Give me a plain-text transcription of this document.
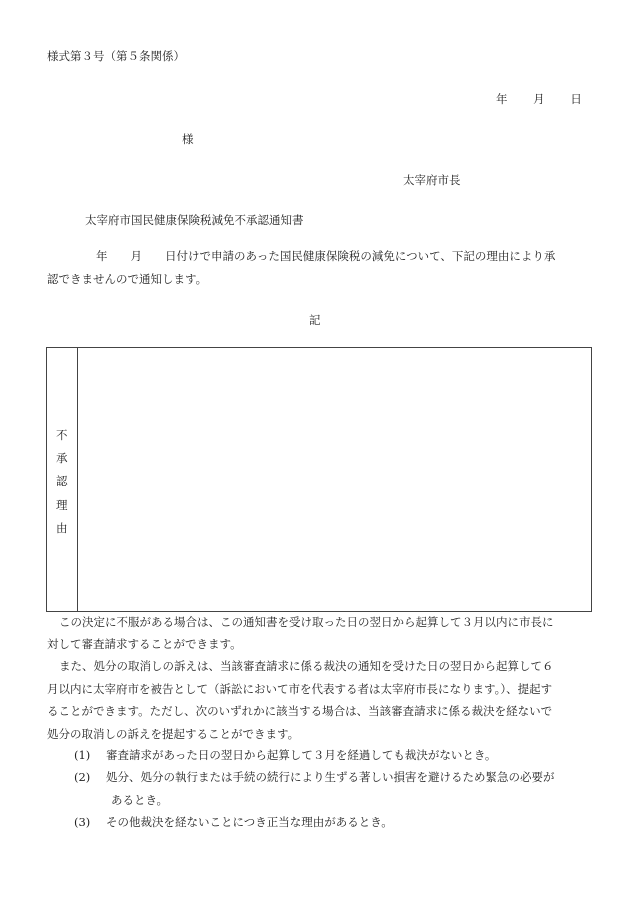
様式第３号（第５条関係）
年 月 日
様
太宰府市長
太宰府市国民健康保険税減免不承認通知書
年　　月　　日付けで申請のあった国民健康保険税の減免について、下記の理由により承
認できませんので通知します。
記
不
承
認
理
由
この決定に不服がある場合は、この通知書を受け取った日の翌日から起算して３月以内に市長に
対して審査請求することができます。
また、処分の取消しの訴えは、当該審査請求に係る裁決の通知を受けた日の翌日から起算して６
月以内に太宰府市を被告として（訴訟において市を代表する者は太宰府市長になります。）、提起す
ることができます。ただし、次のいずれかに該当する場合は、当該審査請求に係る裁決を経ないで
処分の取消しの訴えを提起することができます。
(1) 審査請求があった日の翌日から起算して３月を経過しても裁決がないとき。
(2) 処分、処分の執行または手続の続行により生ずる著しい損害を避けるため緊急の必要が
あるとき。
(3) その他裁決を経ないことにつき正当な理由があるとき。
